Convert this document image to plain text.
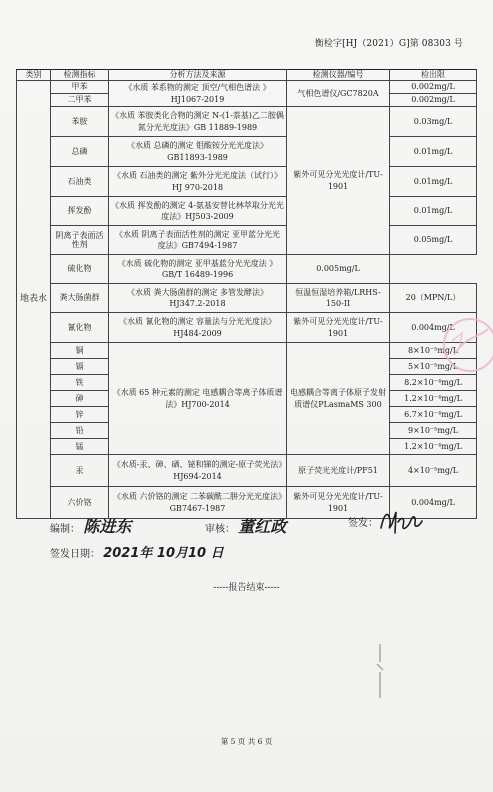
衡检字[HJ（2021）G]第 08303 号
类别	检测指标	分析方法及来源	检测仪器/编号	检出限
地表水	甲苯	《水质 苯系物的测定 顶空/气相色谱法 》HJ1067-2019	气相色谱仪/GC7820A	0.002mg/L
	二甲苯			0.002mg/L
	苯胺	《水质 苯胺类化合物的测定 N-(1-萘基)乙二胺偶氮分光光度法》GB 11889-1989	紫外可见分光光度计/TU-1901	0.03mg/L
	总磷	《水质 总磷的测定 钼酸铵分光光度法》GB11893-1989		0.01mg/L
	石油类	《水质 石油类的测定 紫外分光光度法（试行）》 HJ 970-2018		0.01mg/L
	挥发酚	《水质 挥发酚的测定 4-氨基安替比林萃取分光光度法》HJ503-2009		0.01mg/L
	阴离子表面活性剂	《水质 阴离子表面活性剂的测定 亚甲蓝分光光度法》GB7494-1987		0.05mg/L
	硫化物	《水质 硫化物的测定 亚甲基蓝分光光度法 》GB/T 16489-1996	0.005mg/L	
	粪大肠菌群	《水质 粪大肠菌群的测定 多管发酵法》HJ347.2-2018	恒温恒湿培养箱/LRHS-150-II	20（MPN/L）
	氰化物	《水质 氰化物的测定 容量法与分光光度法》HJ484-2009	紫外可见分光光度计/TU-1901	0.004mg/L
	铜	《水质 65 种元素的测定 电感耦合等离子体质谱法》HJ700-2014	电感耦合等离子体原子发射质谱仪PLasmaMS 300	8×10⁻⁵mg/L
	镉			5×10⁻⁵mg/L
	铁			8.2×10⁻⁴mg/L
	砷			1.2×10⁻⁴mg/L
	锌			6.7×10⁻⁴mg/L
	铅			9×10⁻⁵mg/L
	锰			1.2×10⁻⁴mg/L
	汞	《水质-汞、砷、硒、铋和锑的测定-原子荧光法》HJ694-2014	原子荧光光度计/PF51	4×10⁻⁵mg/L
	六价铬	《水质 六价铬的测定 二苯碳酰二肼分光光度法》GB7467-1987	紫外可见分光光度计/TU-1901	0.004mg/L
编制： 陈进东	审核： 董红政	签发：
签发日期： 2021年 10月10 日
-----报告结束-----
第 5 页 共 6 页
